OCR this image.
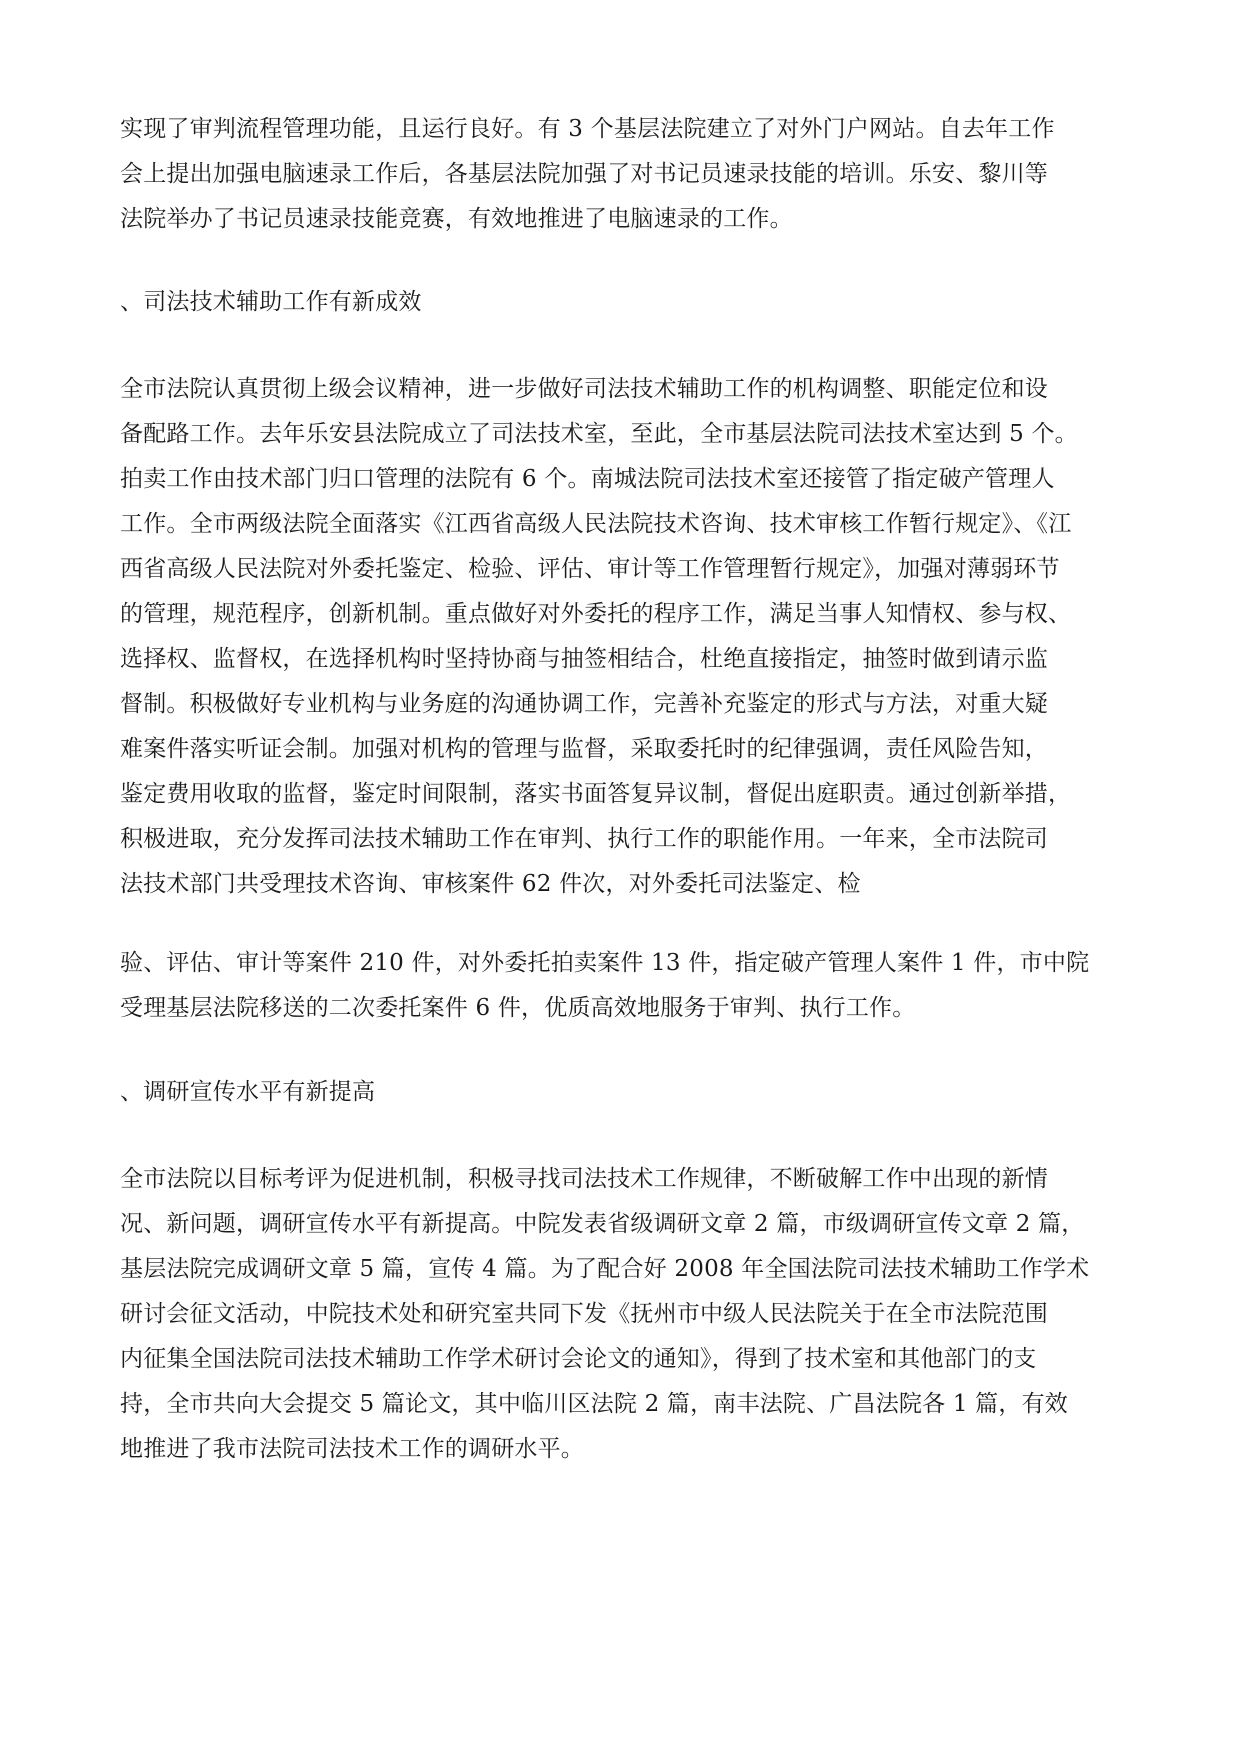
实现了审判流程管理功能，且运行良好。有 3 个基层法院建立了对外门户网站。自去年工作

会上提出加强电脑速录工作后，各基层法院加强了对书记员速录技能的培训。乐安、黎川等

法院举办了书记员速录技能竞赛，有效地推进了电脑速录的工作。

、司法技术辅助工作有新成效

全市法院认真贯彻上级会议精神，进一步做好司法技术辅助工作的机构调整、职能定位和设

备配路工作。去年乐安县法院成立了司法技术室，至此，全市基层法院司法技术室达到 5 个。

拍卖工作由技术部门归口管理的法院有 6 个。南城法院司法技术室还接管了指定破产管理人

工作。全市两级法院全面落实《江西省高级人民法院技术咨询、技术审核工作暂行规定》、《江

西省高级人民法院对外委托鉴定、检验、评估、审计等工作管理暂行规定》，加强对薄弱环节

的管理，规范程序，创新机制。重点做好对外委托的程序工作，满足当事人知情权、参与权、

选择权、监督权，在选择机构时坚持协商与抽签相结合，杜绝直接指定，抽签时做到请示监

督制。积极做好专业机构与业务庭的沟通协调工作，完善补充鉴定的形式与方法，对重大疑

难案件落实听证会制。加强对机构的管理与监督，采取委托时的纪律强调，责任风险告知，

鉴定费用收取的监督，鉴定时间限制，落实书面答复异议制，督促出庭职责。通过创新举措，

积极进取，充分发挥司法技术辅助工作在审判、执行工作的职能作用。一年来，全市法院司

法技术部门共受理技术咨询、审核案件 62 件次，对外委托司法鉴定、检

验、评估、审计等案件 210 件，对外委托拍卖案件 13 件，指定破产管理人案件 1 件，市中院

受理基层法院移送的二次委托案件 6 件，优质高效地服务于审判、执行工作。

、调研宣传水平有新提高

全市法院以目标考评为促进机制，积极寻找司法技术工作规律，不断破解工作中出现的新情

况、新问题，调研宣传水平有新提高。中院发表省级调研文章 2 篇，市级调研宣传文章 2 篇，

基层法院完成调研文章 5 篇，宣传 4 篇。为了配合好 2008 年全国法院司法技术辅助工作学术

研讨会征文活动，中院技术处和研究室共同下发《抚州市中级人民法院关于在全市法院范围

内征集全国法院司法技术辅助工作学术研讨会论文的通知》，得到了技术室和其他部门的支

持，全市共向大会提交 5 篇论文，其中临川区法院 2 篇，南丰法院、广昌法院各 1 篇，有效

地推进了我市法院司法技术工作的调研水平。
